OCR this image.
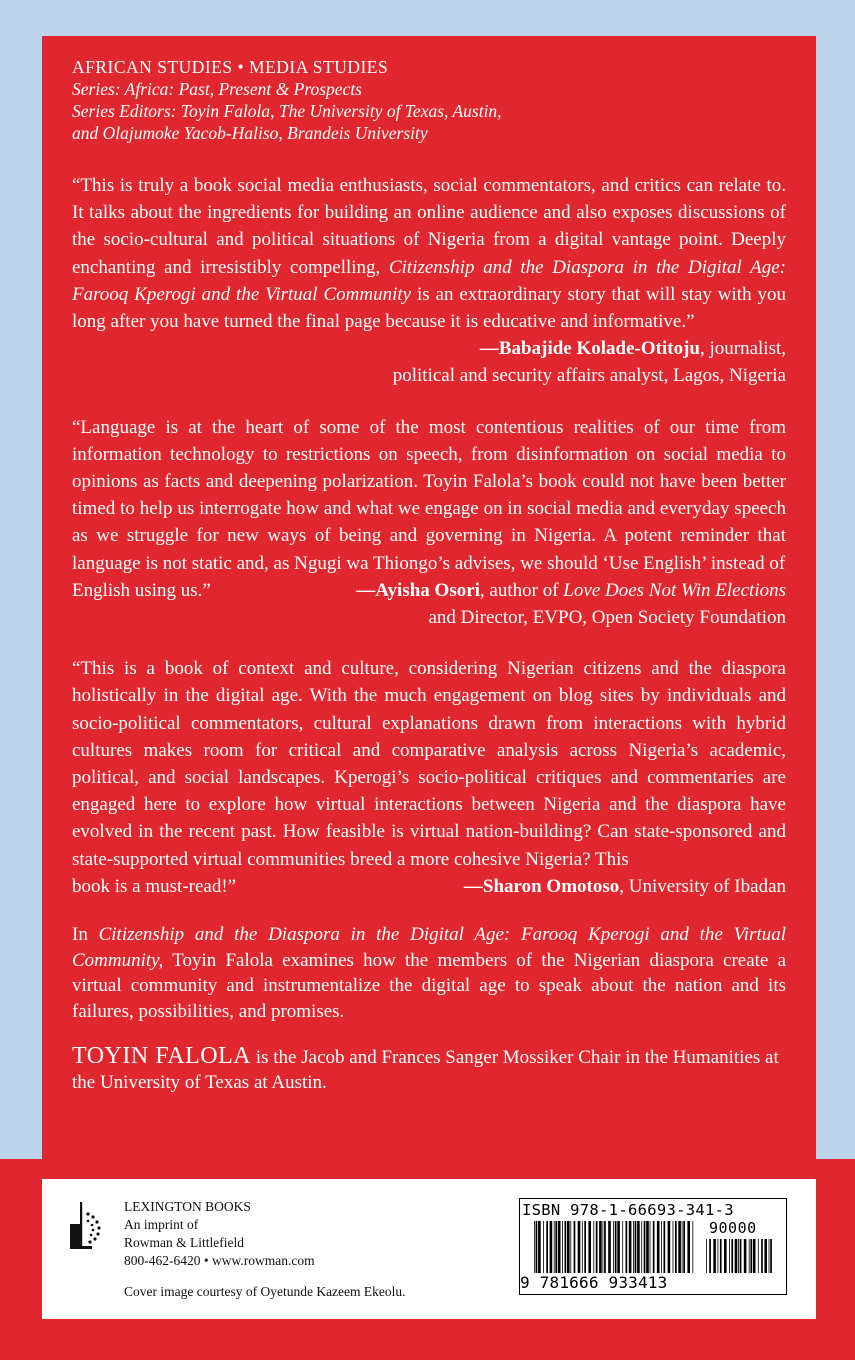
AFRICAN STUDIES • MEDIA STUDIES
Series: Africa: Past, Present & Prospects
Series Editors: Toyin Falola, The University of Texas, Austin,
and Olajumoke Yacob-Haliso, Brandeis University

“This is truly a book social media enthusiasts, social commentators, and critics can relate to. It talks about the ingredients for building an online audience and also exposes discussions of the socio-cultural and political situations of Nigeria from a digital vantage point. Deeply enchanting and irresistibly compelling, Citizenship and the Diaspora in the Digital Age: Farooq Kperogi and the Virtual Community is an extraordinary story that will stay with you long after you have turned the final page because it is educative and informative.”

—Babajide Kolade-Otitoju, journalist,
political and security affairs analyst, Lagos, Nigeria

“Language is at the heart of some of the most contentious realities of our time from information technology to restrictions on speech, from disinformation on social media to opinions as facts and deepening polarization. Toyin Falola’s book could not have been better timed to help us interrogate how and what we engage on in social media and everyday speech as we struggle for new ways of being and governing in Nigeria. A potent reminder that language is not static and, as Ngugi wa Thiongo’s advises, we should ‘Use English’ instead of

English using us.”	—Ayisha Osori, author of Love Does Not Win Elections
and Director, EVPO, Open Society Foundation

“This is a book of context and culture, considering Nigerian citizens and the diaspora holistically in the digital age. With the much engagement on blog sites by individuals and socio-political commentators, cultural explanations drawn from interactions with hybrid cultures makes room for critical and comparative analysis across Nigeria’s academic, political, and social landscapes. Kperogi’s socio-political critiques and commentaries are engaged here to explore how virtual interactions between Nigeria and the diaspora have evolved in the recent past. How feasible is virtual nation-building? Can state-sponsored and state-supported virtual communities breed a more cohesive Nigeria? This

book is a must-read!”	—Sharon Omotoso, University of Ibadan

In Citizenship and the Diaspora in the Digital Age: Farooq Kperogi and the Virtual Community, Toyin Falola examines how the members of the Nigerian diaspora create a virtual community and instrumentalize the digital age to speak about the nation and its failures, possibilities, and promises.

TOYIN FALOLA is the Jacob and Frances Sanger Mossiker Chair in the Humanities at the University of Texas at Austin.
LEXINGTON BOOKS
An imprint of
Rowman & Littlefield
800-462-6420 • www.rowman.com
Cover image courtesy of Oyetunde Kazeem Ekeolu.
ISBN 978-1-66693-341-3
90000
9 781666 933413
